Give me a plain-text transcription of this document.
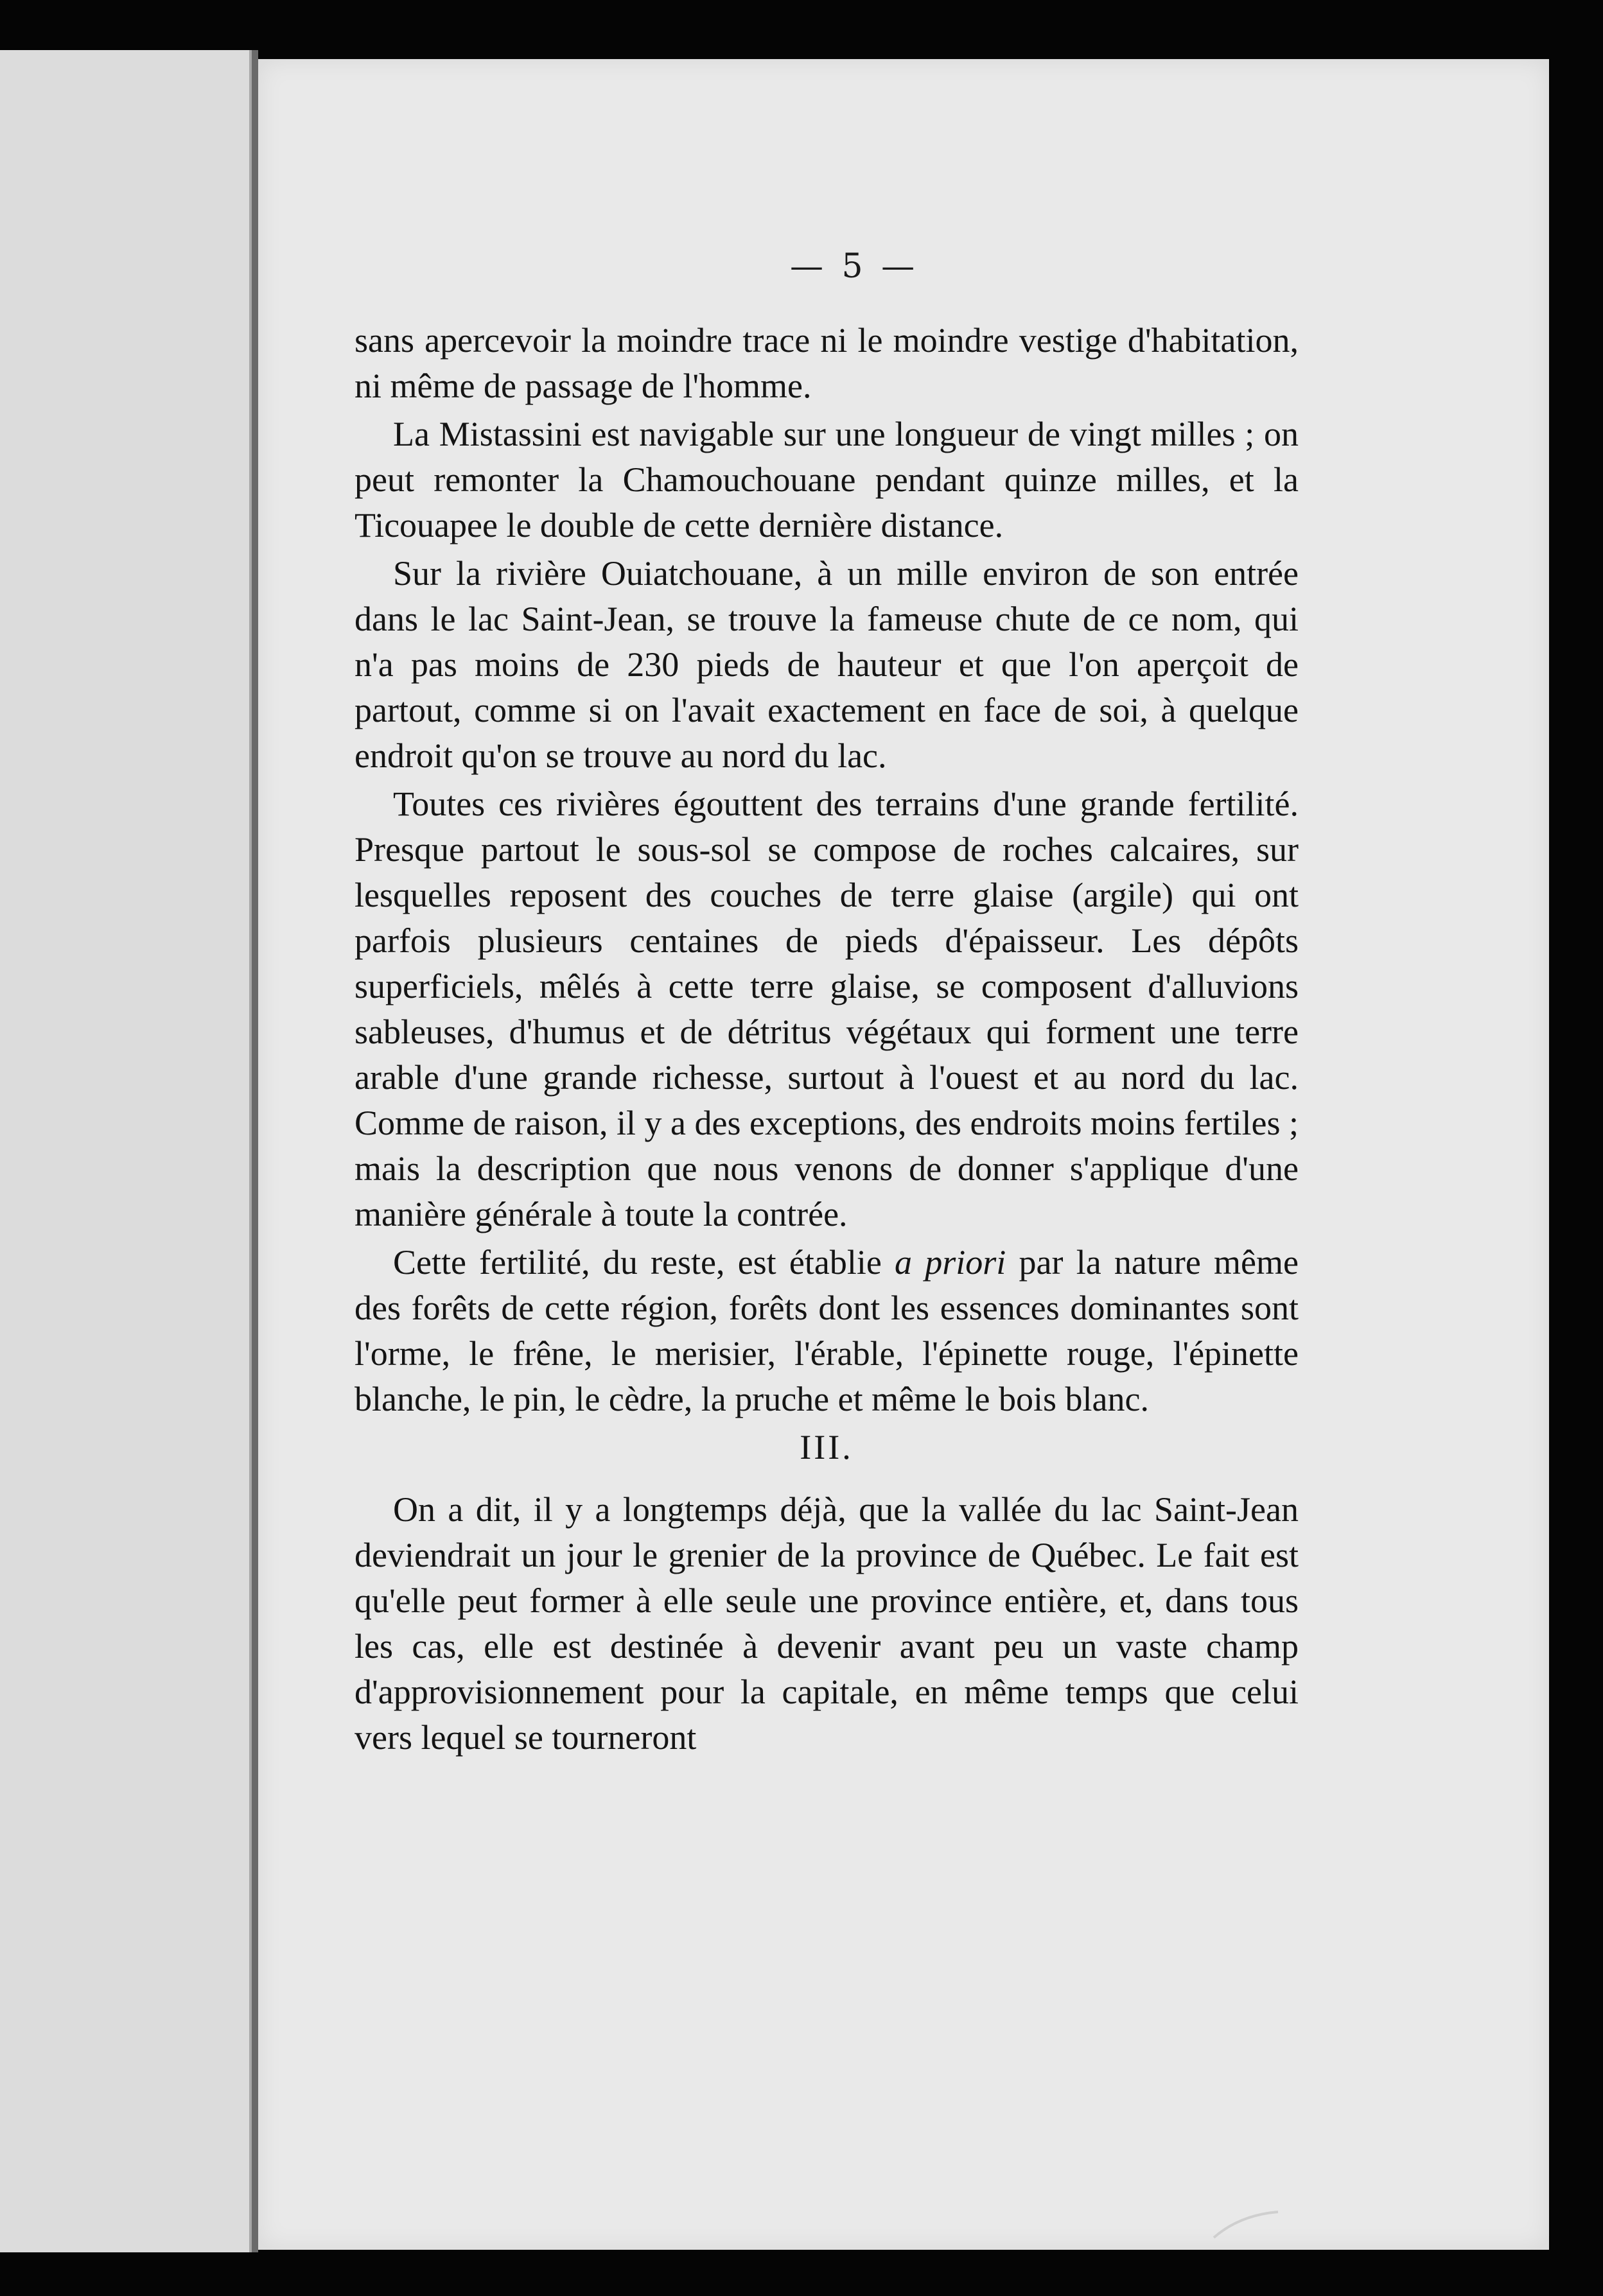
— 5 —

sans apercevoir la moindre trace ni le moindre vestige d'habitation, ni même de passage de l'homme.

La Mistassini est navigable sur une longueur de vingt milles ; on peut remonter la Chamouchouane pendant quinze milles, et la Ticouapee le double de cette dernière distance.

Sur la rivière Ouiatchouane, à un mille environ de son entrée dans le lac Saint-Jean, se trouve la fameuse chute de ce nom, qui n'a pas moins de 230 pieds de hauteur et que l'on aperçoit de partout, comme si on l'avait exactement en face de soi, à quelque endroit qu'on se trouve au nord du lac.

Toutes ces rivières égouttent des terrains d'une grande fertilité. Presque partout le sous-sol se compose de roches calcaires, sur lesquelles reposent des couches de terre glaise (argile) qui ont parfois plusieurs centaines de pieds d'épaisseur. Les dépôts superficiels, mêlés à cette terre glaise, se composent d'alluvions sableuses, d'humus et de détritus végétaux qui forment une terre arable d'une grande richesse, surtout à l'ouest et au nord du lac. Comme de raison, il y a des exceptions, des endroits moins fertiles ; mais la description que nous venons de donner s'applique d'une manière générale à toute la contrée.

Cette fertilité, du reste, est établie a priori par la nature même des forêts de cette région, forêts dont les essences dominantes sont l'orme, le frêne, le merisier, l'érable, l'épinette rouge, l'épinette blanche, le pin, le cèdre, la pruche et même le bois blanc.

III.

On a dit, il y a longtemps déjà, que la vallée du lac Saint-Jean deviendrait un jour le grenier de la province de Québec. Le fait est qu'elle peut former à elle seule une province entière, et, dans tous les cas, elle est destinée à devenir avant peu un vaste champ d'approvisionnement pour la capitale, en même temps que celui vers lequel se tourneront
